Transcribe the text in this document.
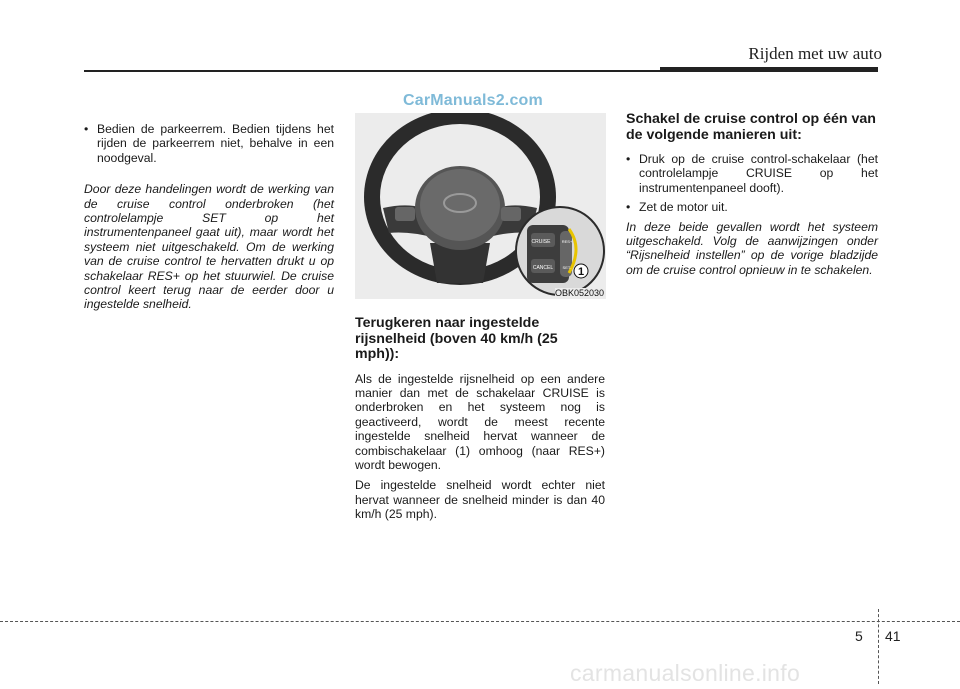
Rijden met uw auto
CarManuals2.com

• Bedien de parkeerrem. Bedien tijdens het rijden de parkeerrem niet, behalve in een noodgeval.

Door deze handelingen wordt de werking van de cruise control onderbroken (het controlelampje SET op het instrumentenpaneel gaat uit), maar wordt het systeem niet uitgeschakeld. Om de werking van de cruise control te hervatten drukt u op schakelaar RES+ op het stuurwiel. De cruise control keert terug naar de eerder door u ingestelde snelheid.

CRUISE
CANCEL
RES+
SET- 1
OBK052030

Terugkeren naar ingestelde rijsnelheid (boven 40 km/h (25 mph)):

Als de ingestelde rijsnelheid op een andere manier dan met de schakelaar CRUISE is onderbroken en het systeem nog is geactiveerd, wordt de meest recente ingestelde snelheid hervat wanneer de combischakelaar (1) omhoog (naar RES+) wordt bewogen.

De ingestelde snelheid wordt echter niet hervat wanneer de snelheid minder is dan 40 km/h (25 mph).

Schakel de cruise control op één van de volgende manieren uit:

• Druk op de cruise control-schakelaar (het controlelampje CRUISE op het instrumentenpaneel dooft).

• Zet de motor uit.

In deze beide gevallen wordt het systeem uitgeschakeld. Volg de aanwijzingen onder “Rijsnelheid instellen” op de vorige bladzijde om de cruise control opnieuw in te schakelen.

5 41
carmanualsonline.info
